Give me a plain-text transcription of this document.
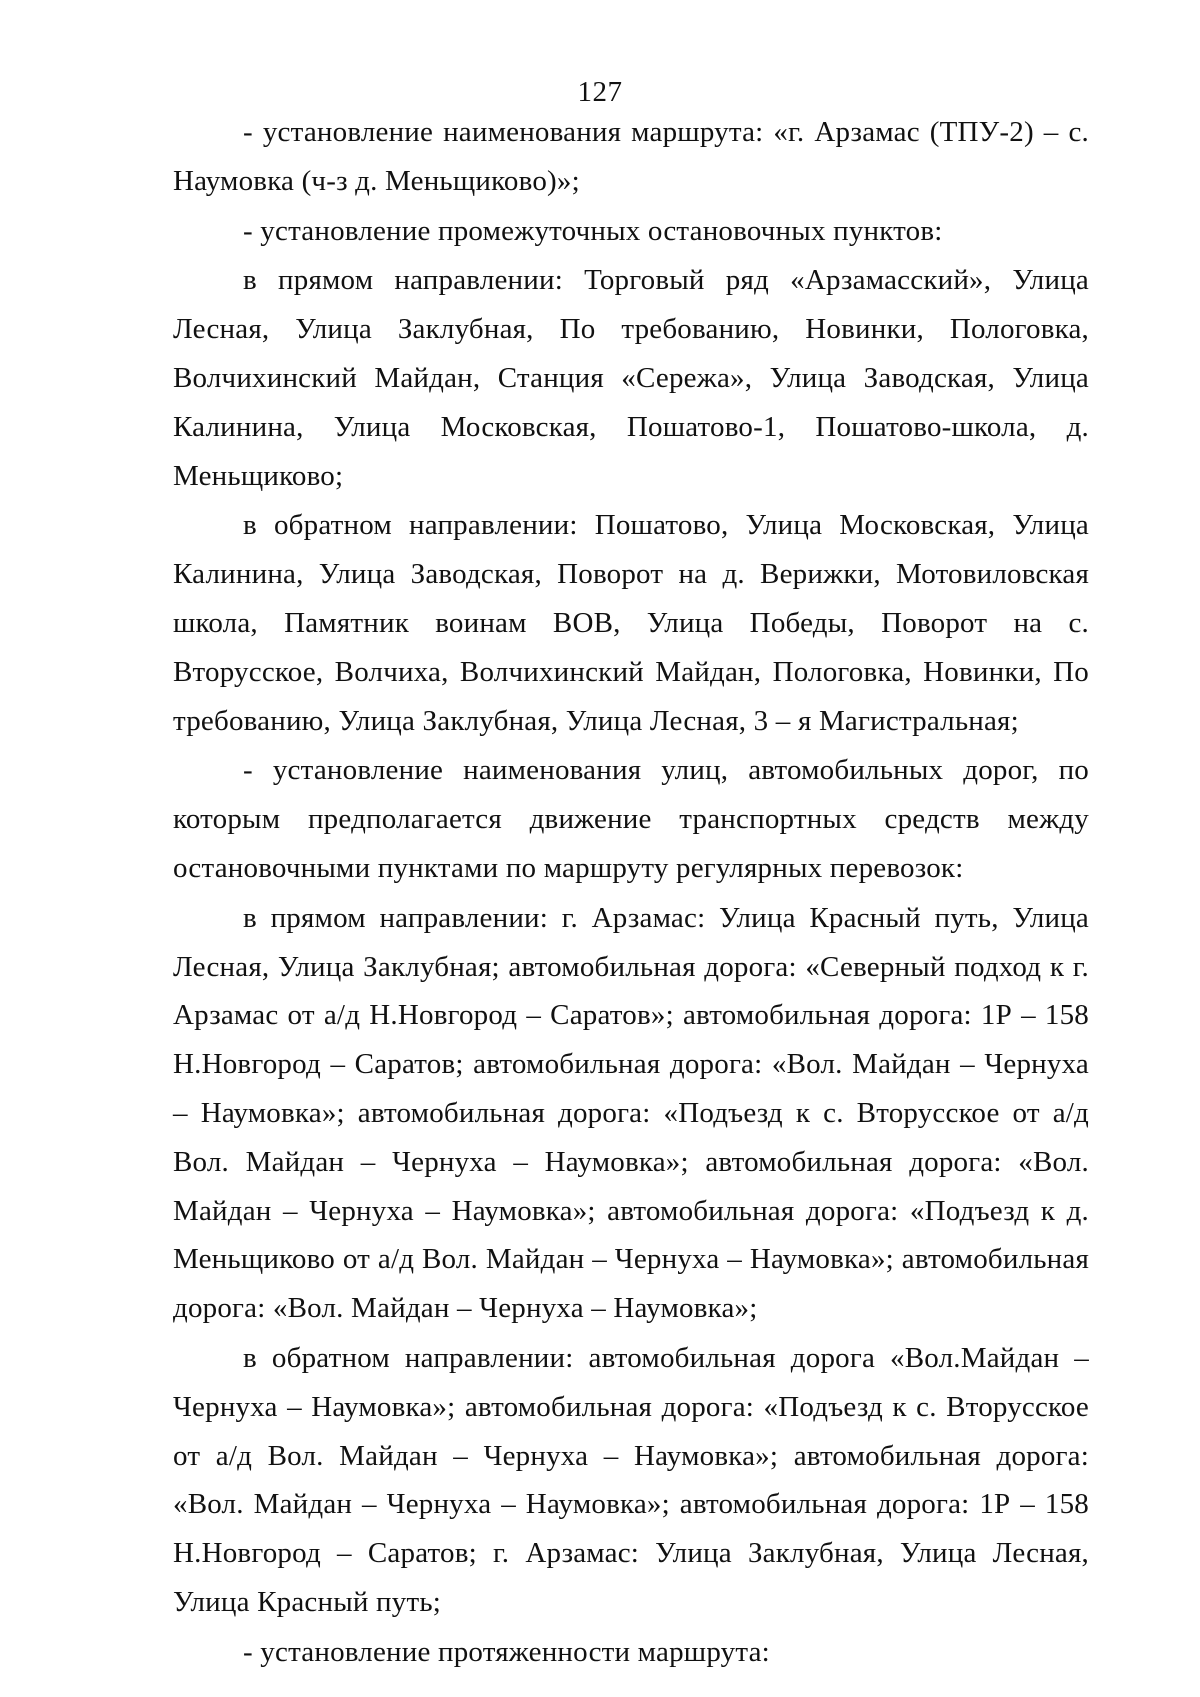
127

- установление наименования маршрута: «г. Арзамас (ТПУ-2) – с. Наумовка (ч-з д. Меньщиково)»;

- установление промежуточных остановочных пунктов:

в прямом направлении: Торговый ряд «Арзамасский», Улица Лесная, Улица Заклубная, По требованию, Новинки, Пологовка, Волчихинский Майдан, Станция «Сережа», Улица Заводская, Улица Калинина, Улица Московская, Пошатово-1, Пошатово-школа, д. Меньщиково;

в обратном направлении: Пошатово, Улица Московская, Улица Калинина, Улица Заводская, Поворот на д. Верижки, Мотовиловская школа, Памятник воинам ВОВ, Улица Победы, Поворот на с. Вторусское, Волчиха, Волчихинский Майдан, Пологовка, Новинки, По требованию, Улица Заклубная, Улица Лесная, 3 – я Магистральная;

- установление наименования улиц, автомобильных дорог, по которым предполагается движение транспортных средств между остановочными пунктами по маршруту регулярных перевозок:

в прямом направлении: г. Арзамас: Улица Красный путь, Улица Лесная, Улица Заклубная; автомобильная дорога: «Северный подход к г. Арзамас от а/д Н.Новгород – Саратов»; автомобильная дорога: 1Р – 158 Н.Новгород – Саратов; автомобильная дорога: «Вол. Майдан – Чернуха – Наумовка»; автомобильная дорога: «Подъезд к с. Вторусское от а/д Вол. Майдан – Чернуха – Наумовка»; автомобильная дорога: «Вол. Майдан – Чернуха – Наумовка»; автомобильная дорога: «Подъезд к д. Меньщиково от а/д Вол. Майдан – Чернуха – Наумовка»; автомобильная дорога: «Вол. Майдан – Чернуха – Наумовка»;

в обратном направлении: автомобильная дорога «Вол.Майдан – Чернуха – Наумовка»; автомобильная дорога: «Подъезд к с. Вторусское от а/д Вол. Майдан – Чернуха – Наумовка»; автомобильная дорога: «Вол. Майдан – Чернуха – Наумовка»; автомобильная дорога: 1Р – 158 Н.Новгород – Саратов; г. Арзамас: Улица Заклубная, Улица Лесная, Улица Красный путь;

- установление протяженности маршрута:
